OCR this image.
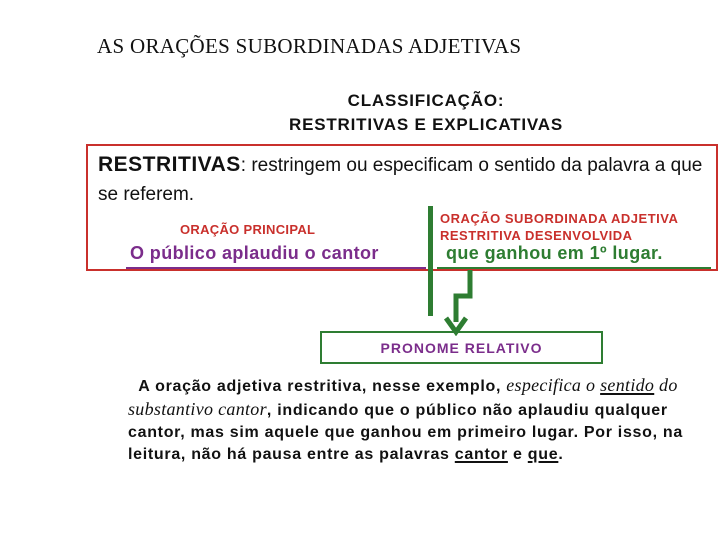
AS ORAÇÕES SUBORDINADAS ADJETIVAS
CLASSIFICAÇÃO:
RESTRITIVAS E EXPLICATIVAS
RESTRITIVAS: restringem ou especificam o sentido da palavra a que se referem.
ORAÇÃO PRINCIPAL
ORAÇÃO SUBORDINADA ADJETIVA
RESTRITIVA DESENVOLVIDA
O público aplaudiu o cantor	que ganhou em 1º lugar.
PRONOME RELATIVO
A oração adjetiva restritiva, nesse exemplo, especifica o sentido do substantivo cantor, indicando que o público não aplaudiu qualquer cantor, mas sim aquele que ganhou em primeiro lugar. Por isso, na leitura, não há pausa entre as palavras cantor e que.
